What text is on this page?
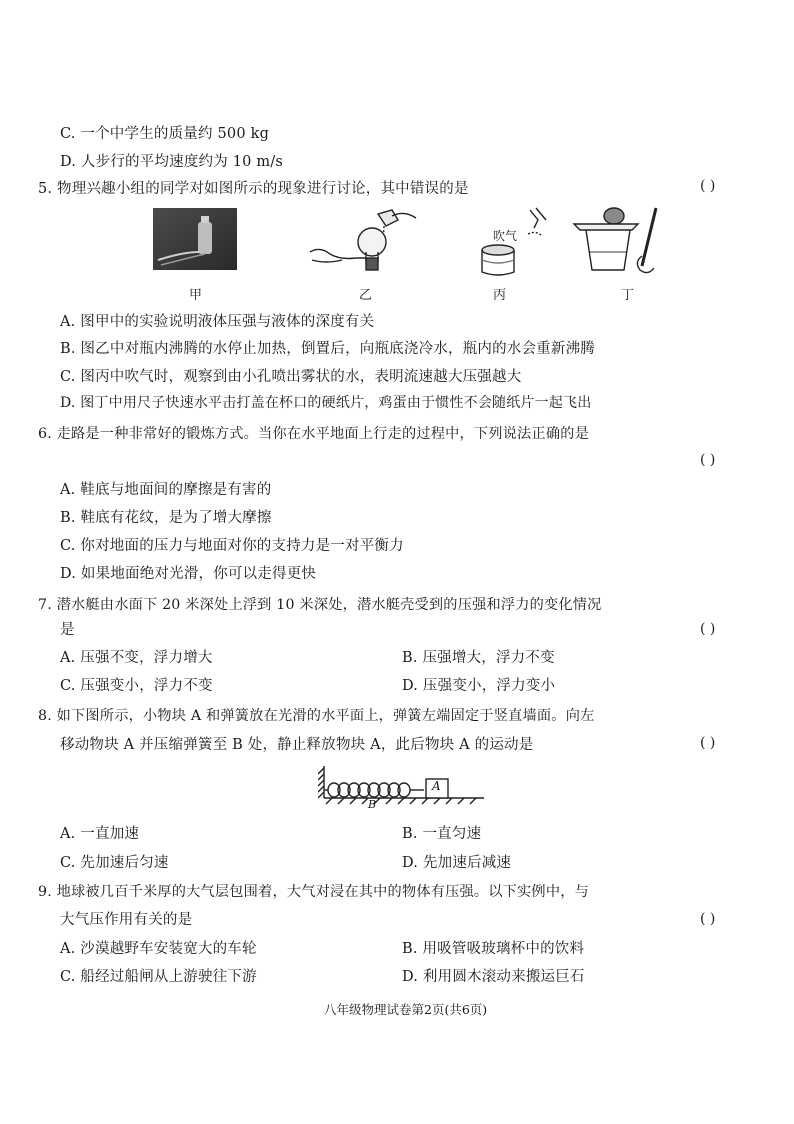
C. 一个中学生的质量约 500 kg
D. 人步行的平均速度约为 10 m/s
5. 物理兴趣小组的同学对如图所示的现象进行讨论，其中错误的是	( )
甲	乙
吹气
丙	丁
A. 图甲中的实验说明液体压强与液体的深度有关
B. 图乙中对瓶内沸腾的水停止加热，倒置后，向瓶底浇冷水，瓶内的水会重新沸腾
C. 图丙中吹气时，观察到由小孔喷出雾状的水，表明流速越大压强越大
D. 图丁中用尺子快速水平击打盖在杯口的硬纸片，鸡蛋由于惯性不会随纸片一起飞出
6. 走路是一种非常好的锻炼方式。当你在水平地面上行走的过程中，下列说法正确的是
( )
A. 鞋底与地面间的摩擦是有害的
B. 鞋底有花纹，是为了增大摩擦
C. 你对地面的压力与地面对你的支持力是一对平衡力
D. 如果地面绝对光滑，你可以走得更快
7. 潜水艇由水面下 20 米深处上浮到 10 米深处，潜水艇壳受到的压强和浮力的变化情况
是	( )
A. 压强不变，浮力增大	B. 压强增大，浮力不变
C. 压强变小，浮力不变	D. 压强变小，浮力变小
8. 如下图所示，小物块 A 和弹簧放在光滑的水平面上，弹簧左端固定于竖直墙面。向左
移动物块 A 并压缩弹簧至 B 处，静止释放物块 A，此后物块 A 的运动是	( )
A
B
A. 一直加速	B. 一直匀速
C. 先加速后匀速	D. 先加速后减速
9. 地球被几百千米厚的大气层包围着，大气对浸在其中的物体有压强。以下实例中，与
大气压作用有关的是	( )
A. 沙漠越野车安装宽大的车轮	B. 用吸管吸玻璃杯中的饮料
C. 船经过船闸从上游驶往下游	D. 利用圆木滚动来搬运巨石
八年级物理试卷第2页(共6页)
